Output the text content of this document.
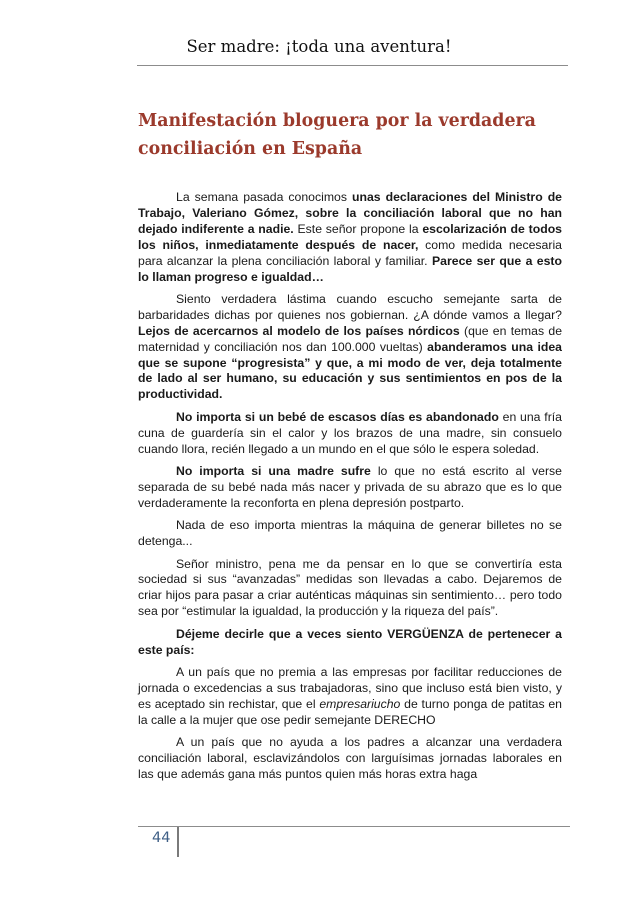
Ser madre: ¡toda una aventura!
Manifestación bloguera por la verdadera conciliación en España

La semana pasada conocimos unas declaraciones del Ministro de Trabajo, Valeriano Gómez, sobre la conciliación laboral que no han dejado indiferente a nadie. Este señor propone la escolarización de todos los niños, inmediatamente después de nacer, como medida necesaria para alcanzar la plena conciliación laboral y familiar. Parece ser que a esto lo llaman progreso e igualdad…

Siento verdadera lástima cuando escucho semejante sarta de barbaridades dichas por quienes nos gobiernan. ¿A dónde vamos a llegar? Lejos de acercarnos al modelo de los países nórdicos (que en temas de maternidad y conciliación nos dan 100.000 vueltas) abanderamos una idea que se supone “progresista” y que, a mi modo de ver, deja totalmente de lado al ser humano, su educación y sus sentimientos en pos de la productividad.

No importa si un bebé de escasos días es abandonado en una fría cuna de guardería sin el calor y los brazos de una madre, sin consuelo cuando llora, recién llegado a un mundo en el que sólo le espera soledad.

No importa si una madre sufre lo que no está escrito al verse separada de su bebé nada más nacer y privada de su abrazo que es lo que verdaderamente la reconforta en plena depresión postparto.

Nada de eso importa mientras la máquina de generar billetes no se detenga...

Señor ministro, pena me da pensar en lo que se convertiría esta sociedad si sus “avanzadas” medidas son llevadas a cabo. Dejaremos de criar hijos para pasar a criar auténticas máquinas sin sentimiento… pero todo sea por “estimular la igualdad, la producción y la riqueza del país”.

Déjeme decirle que a veces siento VERGÜENZA de pertenecer a este país:

A un país que no premia a las empresas por facilitar reducciones de jornada o excedencias a sus trabajadoras, sino que incluso está bien visto, y es aceptado sin rechistar, que el empresariucho de turno ponga de patitas en la calle a la mujer que ose pedir semejante DERECHO

A un país que no ayuda a los padres a alcanzar una verdadera conciliación laboral, esclavizándolos con larguísimas jornadas laborales en las que además gana más puntos quien más horas extra haga

44
